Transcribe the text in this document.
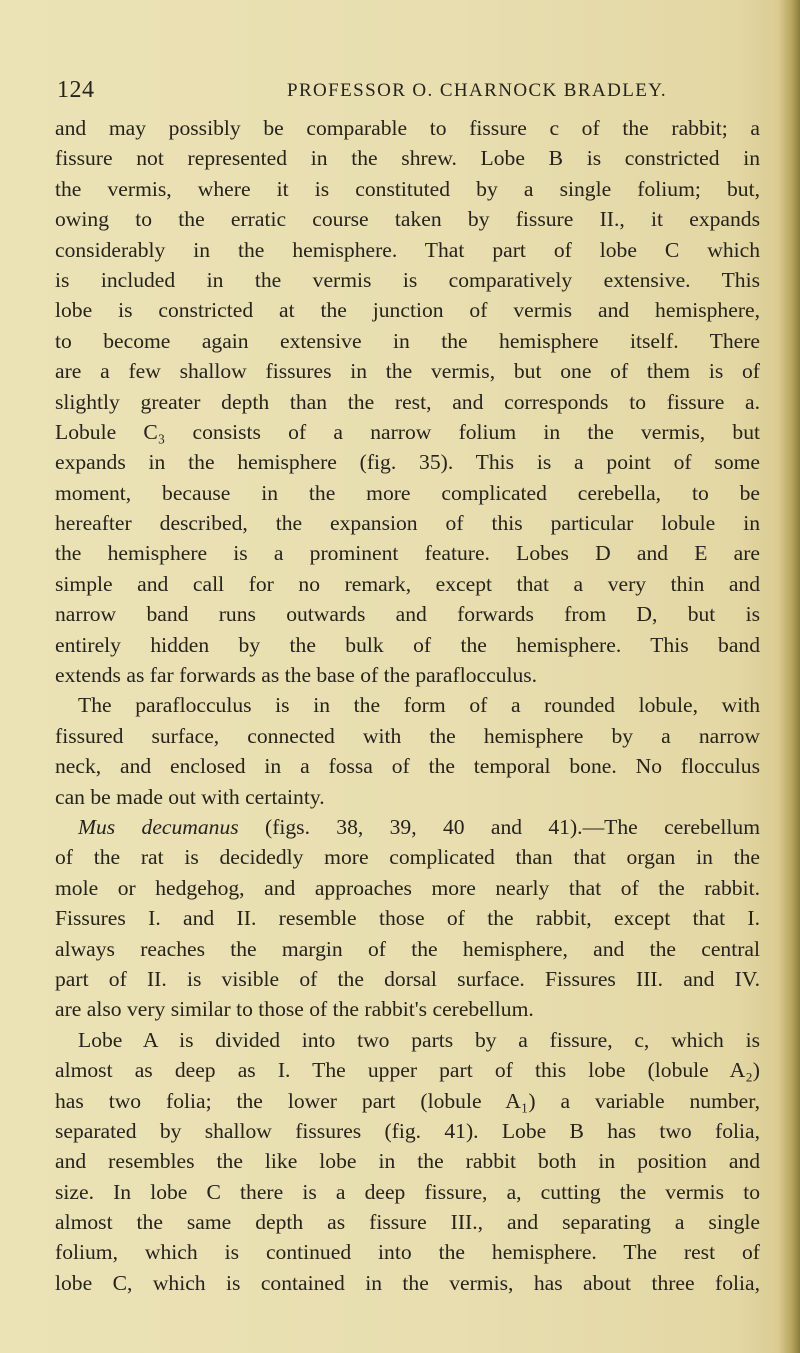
124	PROFESSOR O. CHARNOCK BRADLEY.
and may possibly be comparable to fissure c of the rabbit; a
fissure not represented in the shrew. Lobe B is constricted in
the vermis, where it is constituted by a single folium; but,
owing to the erratic course taken by fissure II., it expands
considerably in the hemisphere. That part of lobe C which
is included in the vermis is comparatively extensive. This
lobe is constricted at the junction of vermis and hemisphere,
to become again extensive in the hemisphere itself. There
are a few shallow fissures in the vermis, but one of them is of
slightly greater depth than the rest, and corresponds to fissure a.
Lobule C₃ consists of a narrow folium in the vermis, but
expands in the hemisphere (fig. 35). This is a point of some
moment, because in the more complicated cerebella, to be
hereafter described, the expansion of this particular lobule in
the hemisphere is a prominent feature. Lobes D and E are
simple and call for no remark, except that a very thin and
narrow band runs outwards and forwards from D, but is
entirely hidden by the bulk of the hemisphere. This band
extends as far forwards as the base of the paraflocculus.
The paraflocculus is in the form of a rounded lobule, with
fissured surface, connected with the hemisphere by a narrow
neck, and enclosed in a fossa of the temporal bone. No flocculus
can be made out with certainty.
Mus decumanus (figs. 38, 39, 40 and 41).—The cerebellum
of the rat is decidedly more complicated than that organ in the
mole or hedgehog, and approaches more nearly that of the rabbit.
Fissures I. and II. resemble those of the rabbit, except that I.
always reaches the margin of the hemisphere, and the central
part of II. is visible of the dorsal surface. Fissures III. and IV.
are also very similar to those of the rabbit's cerebellum.
Lobe A is divided into two parts by a fissure, c, which is
almost as deep as I. The upper part of this lobe (lobule A₂)
has two folia; the lower part (lobule A₁) a variable number,
separated by shallow fissures (fig. 41). Lobe B has two folia,
and resembles the like lobe in the rabbit both in position and
size. In lobe C there is a deep fissure, a, cutting the vermis to
almost the same depth as fissure III., and separating a single
folium, which is continued into the hemisphere. The rest of
lobe C, which is contained in the vermis, has about three folia,
